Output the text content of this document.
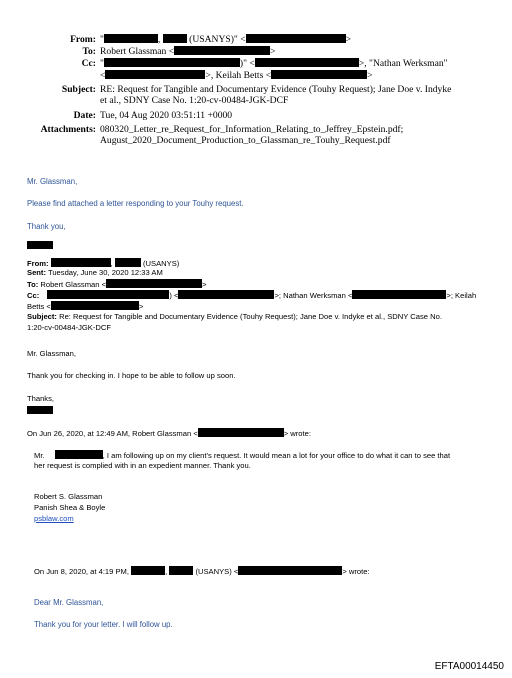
From: "	,	(USANYS)" <	>
To: Robert Glassman <	>
Cc: "	)" <	>, "Nathan Werksman"
<	>, Keilah Betts <	>
Subject: RE: Request for Tangible and Documentary Evidence (Touhy Request); Jane Doe v. Indyke
et al., SDNY Case No. 1:20-cv-00484-JGK-DCF
Date: Tue, 04 Aug 2020 03:51:11 +0000
Attachments: 080320_Letter_re_Request_for_Information_Relating_to_Jeffrey_Epstein.pdf;
August_2020_Document_Production_to_Glassman_re_Touhy_Request.pdf
Mr. Glassman,
Please find attached a letter responding to your Touhy request.
Thank you,
From:	,	(USANYS)
Sent: Tuesday, June 30, 2020 12:33 AM
To: Robert Glassman <	>
Cc:	) <	>; Nathan Werksman <	>; Keilah
Betts <	>
Subject: Re: Request for Tangible and Documentary Evidence (Touhy Request); Jane Doe v. Indyke et al., SDNY Case No.
1:20-cv-00484-JGK-DCF
Mr. Glassman,
Thank you for checking in. I hope to be able to follow up soon.
Thanks,
On Jun 26, 2020, at 12:49 AM, Robert Glassman <	> wrote:
Mr.	, I am following up on my client's request. It would mean a lot for your office to do what it can to see that
her request is complied with in an expedient manner. Thank you.
Robert S. Glassman
Panish Shea & Boyle
psblaw.com
On Jun 8, 2020, at 4:19 PM,	,	(USANYS) <	> wrote:
Dear Mr. Glassman,
Thank you for your letter. I will follow up.
EFTA00014450
